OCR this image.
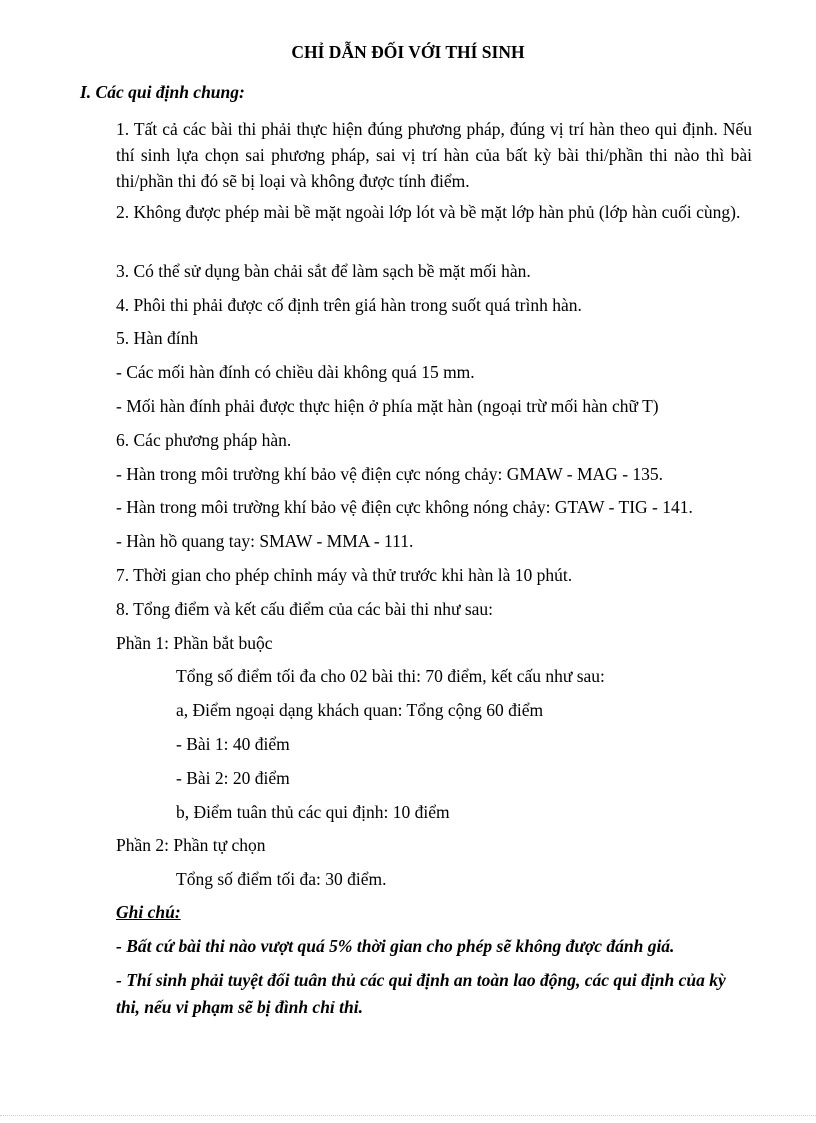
CHỈ DẪN ĐỐI VỚI THÍ SINH
I. Các qui định chung:
1. Tất cả các bài thi phải thực hiện đúng phương pháp, đúng vị trí hàn theo qui định. Nếu thí sinh lựa chọn sai phương pháp, sai vị trí hàn của bất kỳ bài thi/phần thi nào thì bài thi/phần thi đó sẽ bị loại và không được tính điểm.
2. Không được phép mài bề mặt ngoài lớp lót và bề mặt lớp hàn phủ (lớp hàn cuối cùng).
3. Có thể sử dụng bàn chải sắt để làm sạch bề mặt mối hàn.
4. Phôi thi phải được cố định trên giá hàn trong suốt quá trình hàn.
5. Hàn đính
- Các mối hàn đính có chiều dài không quá 15 mm.
- Mối hàn đính phải được thực hiện ở phía mặt hàn (ngoại trừ mối hàn chữ T)
6. Các phương pháp hàn.
- Hàn trong môi trường khí bảo vệ điện cực nóng chảy: GMAW - MAG - 135.
- Hàn trong môi trường khí bảo vệ điện cực không nóng chảy: GTAW - TIG - 141.
- Hàn hồ quang tay: SMAW - MMA - 111.
7. Thời gian cho phép chỉnh máy và thử trước khi hàn là 10 phút.
8. Tổng điểm và kết cấu điểm của các bài thi như sau:
Phần 1: Phần bắt buộc
Tổng số điểm tối đa cho 02 bài thi: 70 điểm, kết cấu như sau:
a, Điểm ngoại dạng khách quan: Tổng cộng 60 điểm
- Bài 1: 40 điểm
- Bài 2: 20 điểm
b, Điểm tuân thủ các qui định: 10 điểm
Phần 2: Phần tự chọn
Tổng số điểm tối đa: 30 điểm.
Ghi chú:
- Bất cứ bài thi nào vượt quá 5% thời gian cho phép sẽ không được đánh giá.
- Thí sinh phải tuyệt đối tuân thủ các qui định an toàn lao động, các qui định của kỳ thi, nếu vi phạm sẽ bị đình chỉ thi.
